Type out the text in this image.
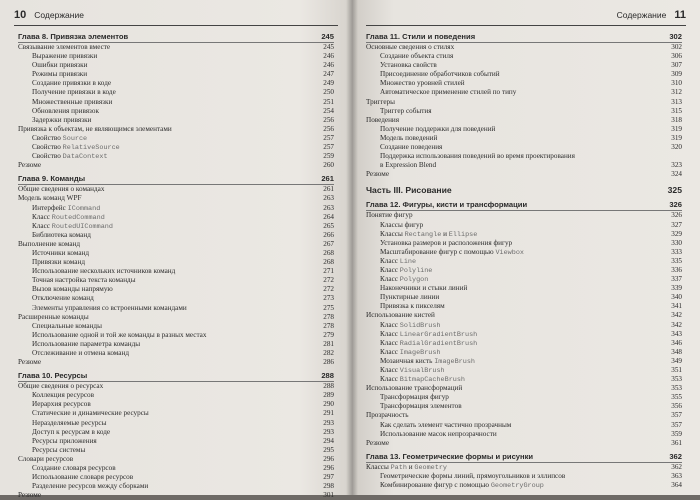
10 Содержание
Глава 8. Привязка элементов	245
Связывание элементов вместе	245
Выражение привязки	246
Ошибки привязки	246
Режимы привязки	247
Создание привязки в коде	249
Получение привязки в коде	250
Множественные привязки	251
Обновления привязок	254
Задержки привязки	256
Привязка к объектам, не являющимся элементами	256
Свойство Source	257
Свойство RelativeSource	257
Свойство DataContext	259
Резюме	260
Глава 9. Команды	261
Общие сведения о командах	261
Модель команд WPF	263
Интерфейс ICommand	263
Класс RoutedCommand	264
Класс RoutedUICommand	265
Библиотека команд	266
Выполнение команд	267
Источники команд	268
Привязки команд	268
Использование нескольких источников команд	271
Точная настройка текста команды	272
Вызов команды напрямую	272
Отключение команд	273
Элементы управления со встроенными командами	275
Расширенные команды	278
Специальные команды	278
Использование одной и той же команды в разных местах	279
Использование параметра команды	281
Отслеживание и отмена команд	282
Резюме	286
Глава 10. Ресурсы	288
Общие сведения о ресурсах	288
Коллекция ресурсов	289
Иерархия ресурсов	290
Статические и динамические ресурсы	291
Неразделяемые ресурсы	293
Доступ к ресурсам в коде	293
Ресурсы приложения	294
Ресурсы системы	295
Словари ресурсов	296
Создание словаря ресурсов	296
Использование словаря ресурсов	297
Разделение ресурсов между сборками	298
Резюме	301
Содержание 11
Глава 11. Стили и поведения	302
Основные сведения о стилях	302
Создание объекта стиля	306
Установка свойств	307
Присоединение обработчиков событий	309
Множество уровней стилей	310
Автоматическое применение стилей по типу	312
Триггеры	313
Триггер события	315
Поведения	318
Получение поддержки для поведений	319
Модель поведений	319
Создание поведения	320
Поддержка использования поведений во время проектирования
в Expression Blend	323
Резюме	324
Часть III. Рисование	325
Глава 12. Фигуры, кисти и трансформации	326
Понятие фигур	326
Классы фигур	327
Классы Rectangle и Ellipse	329
Установка размеров и расположения фигур	330
Масштабирование фигур с помощью Viewbox	333
Класс Line	335
Класс Polyline	336
Класс Polygon	337
Наконечники и стыки линий	339
Пунктирные линии	340
Привязка к пикселям	341
Использование кистей	342
Класс SolidBrush	342
Класс LinearGradientBrush	343
Класс RadialGradientBrush	346
Класс ImageBrush	348
Мозаичная кисть ImageBrush	349
Класс VisualBrush	351
Класс BitmapCacheBrush	353
Использование трансформаций	353
Трансформация фигур	355
Трансформация элементов	356
Прозрачность	357
Как сделать элемент частично прозрачным	357
Использование масок непрозрачности	359
Резюме	361
Глава 13. Геометрические формы и рисунки	362
Классы Path и Geometry	362
Геометрические формы линий, прямоугольников и эллипсов	363
Комбинирование фигур с помощью GeometryGroup	364
